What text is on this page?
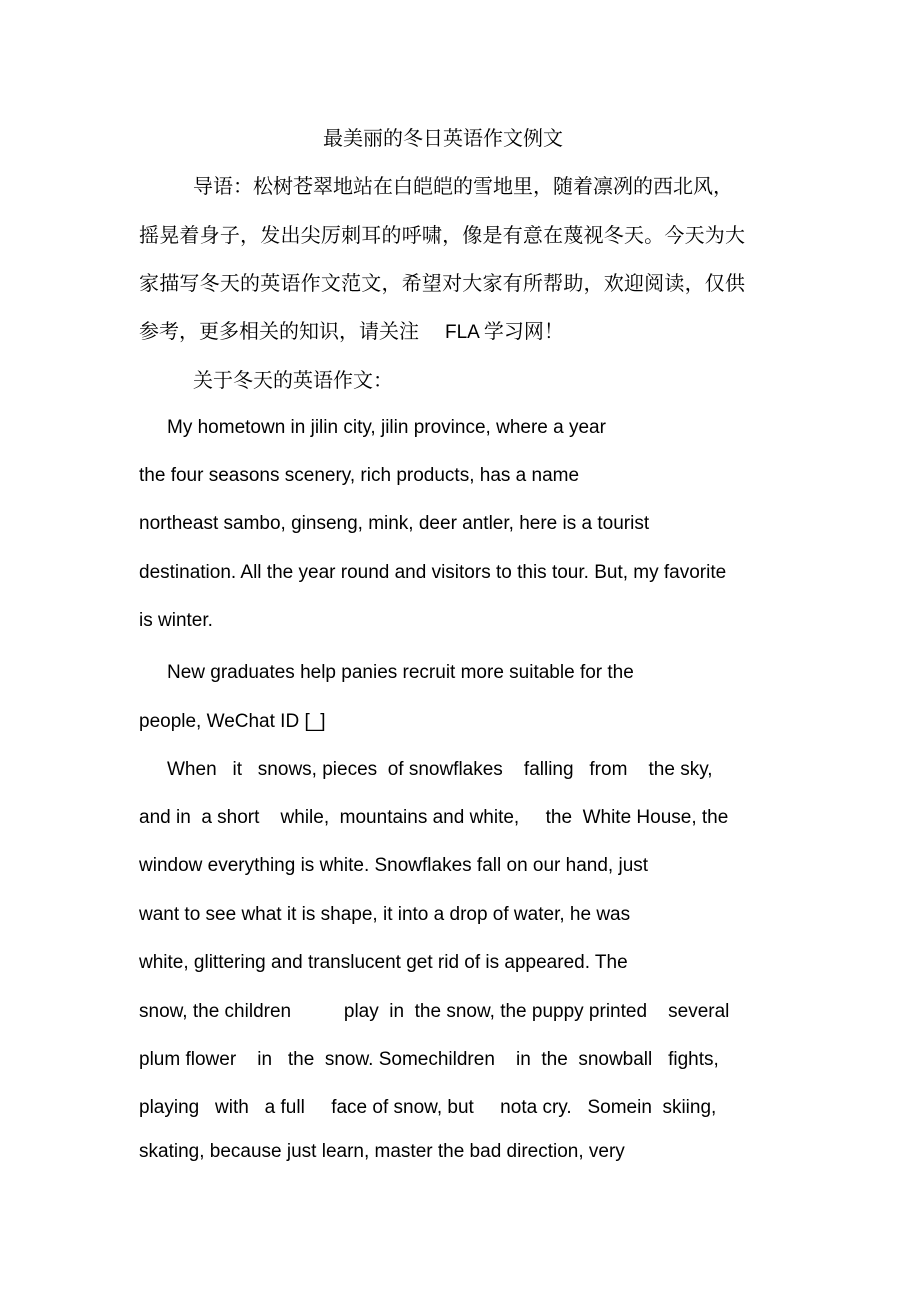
最美丽的冬日英语作文例文
导语：松树苍翠地站在白皑皑的雪地里，随着凛冽的西北风，
摇晃着身子，发出尖厉刺耳的呼啸，像是有意在蔑视冬天。今天为大
家描写冬天的英语作文范文，希望对大家有所帮助，欢迎阅读，仅供
参考，更多相关的知识，请关注 FLA 学习网！
关于冬天的英语作文：
My hometown in jilin city, jilin province, where a year
the four seasons scenery, rich products, has a name
northeast sambo, ginseng, mink, deer antler, here is a tourist
destination. All the year round and visitors to this tour. But, my favorite
is winter.
New graduates help panies recruit more suitable for the
people, WeChat ID [_]
When   it   snows, pieces  of snowflakes    falling   from    the sky,
and in  a short    while,  mountains and white,     the  White House, the
window everything is white. Snowflakes fall on our hand, just
want to see what it is shape, it into a drop of water, he was
white, glittering and translucent get rid of is appeared. The
snow, the children          play  in  the snow, the puppy printed    several
plum flower    in   the  snow. Somechildren    in  the  snowball   fights,
playing   with   a full     face of snow, but     nota cry.   Somein  skiing,
skating, because just learn, master the bad direction, very
